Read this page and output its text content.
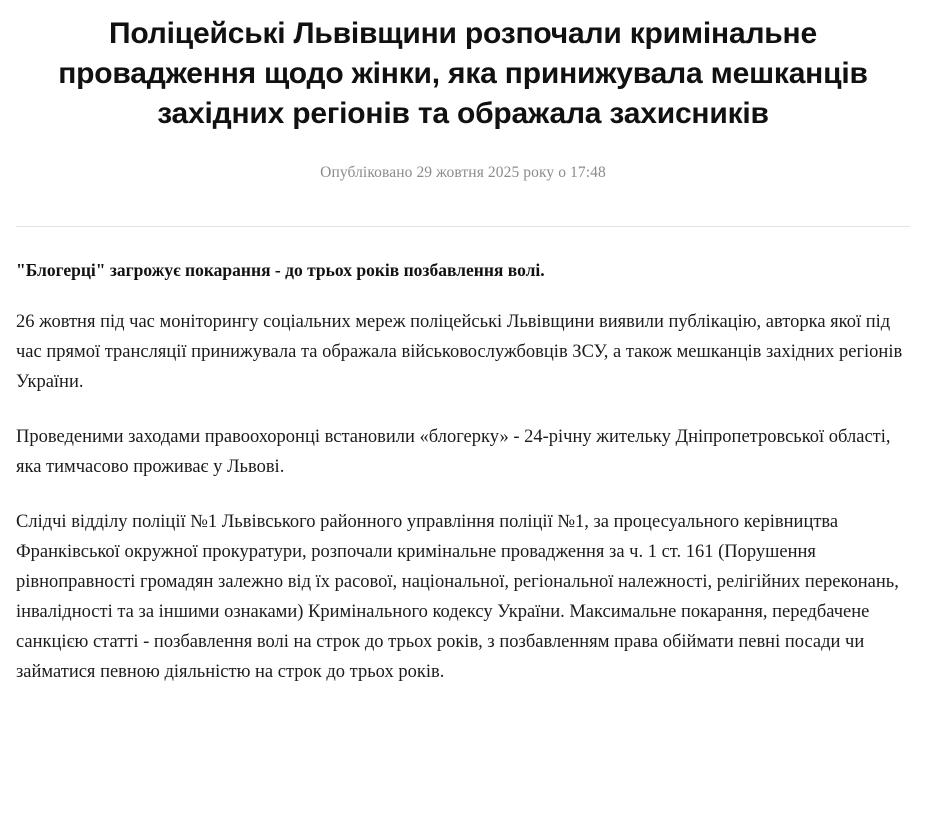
Поліцейські Львівщини розпочали кримінальне провадження щодо жінки, яка принижувала мешканців західних регіонів та ображала захисників
Опубліковано 29 жовтня 2025 року о 17:48

"Блогерці" загрожує покарання - до трьох років позбавлення волі.

26 жовтня під час моніторингу соціальних мереж поліцейські Львівщини виявили публікацію, авторка якої під час прямої трансляції принижувала та ображала військовослужбовців ЗСУ, а також мешканців західних регіонів України.

Проведеними заходами правоохоронці встановили «блогерку» - 24-річну жительку Дніпропетровської області, яка тимчасово проживає у Львові.

Слідчі відділу поліції №1 Львівського районного управління поліції №1, за процесуального керівництва Франківської окружної прокуратури, розпочали кримінальне провадження за ч. 1 ст. 161 (Порушення рівноправності громадян залежно від їх расової, національної, регіональної належності, релігійних переконань, інвалідності та за іншими ознаками) Кримінального кодексу України. Максимальне покарання, передбачене санкцією статті - позбавлення волі на строк до трьох років, з позбавленням права обіймати певні посади чи займатися певною діяльністю на строк до трьох років.
